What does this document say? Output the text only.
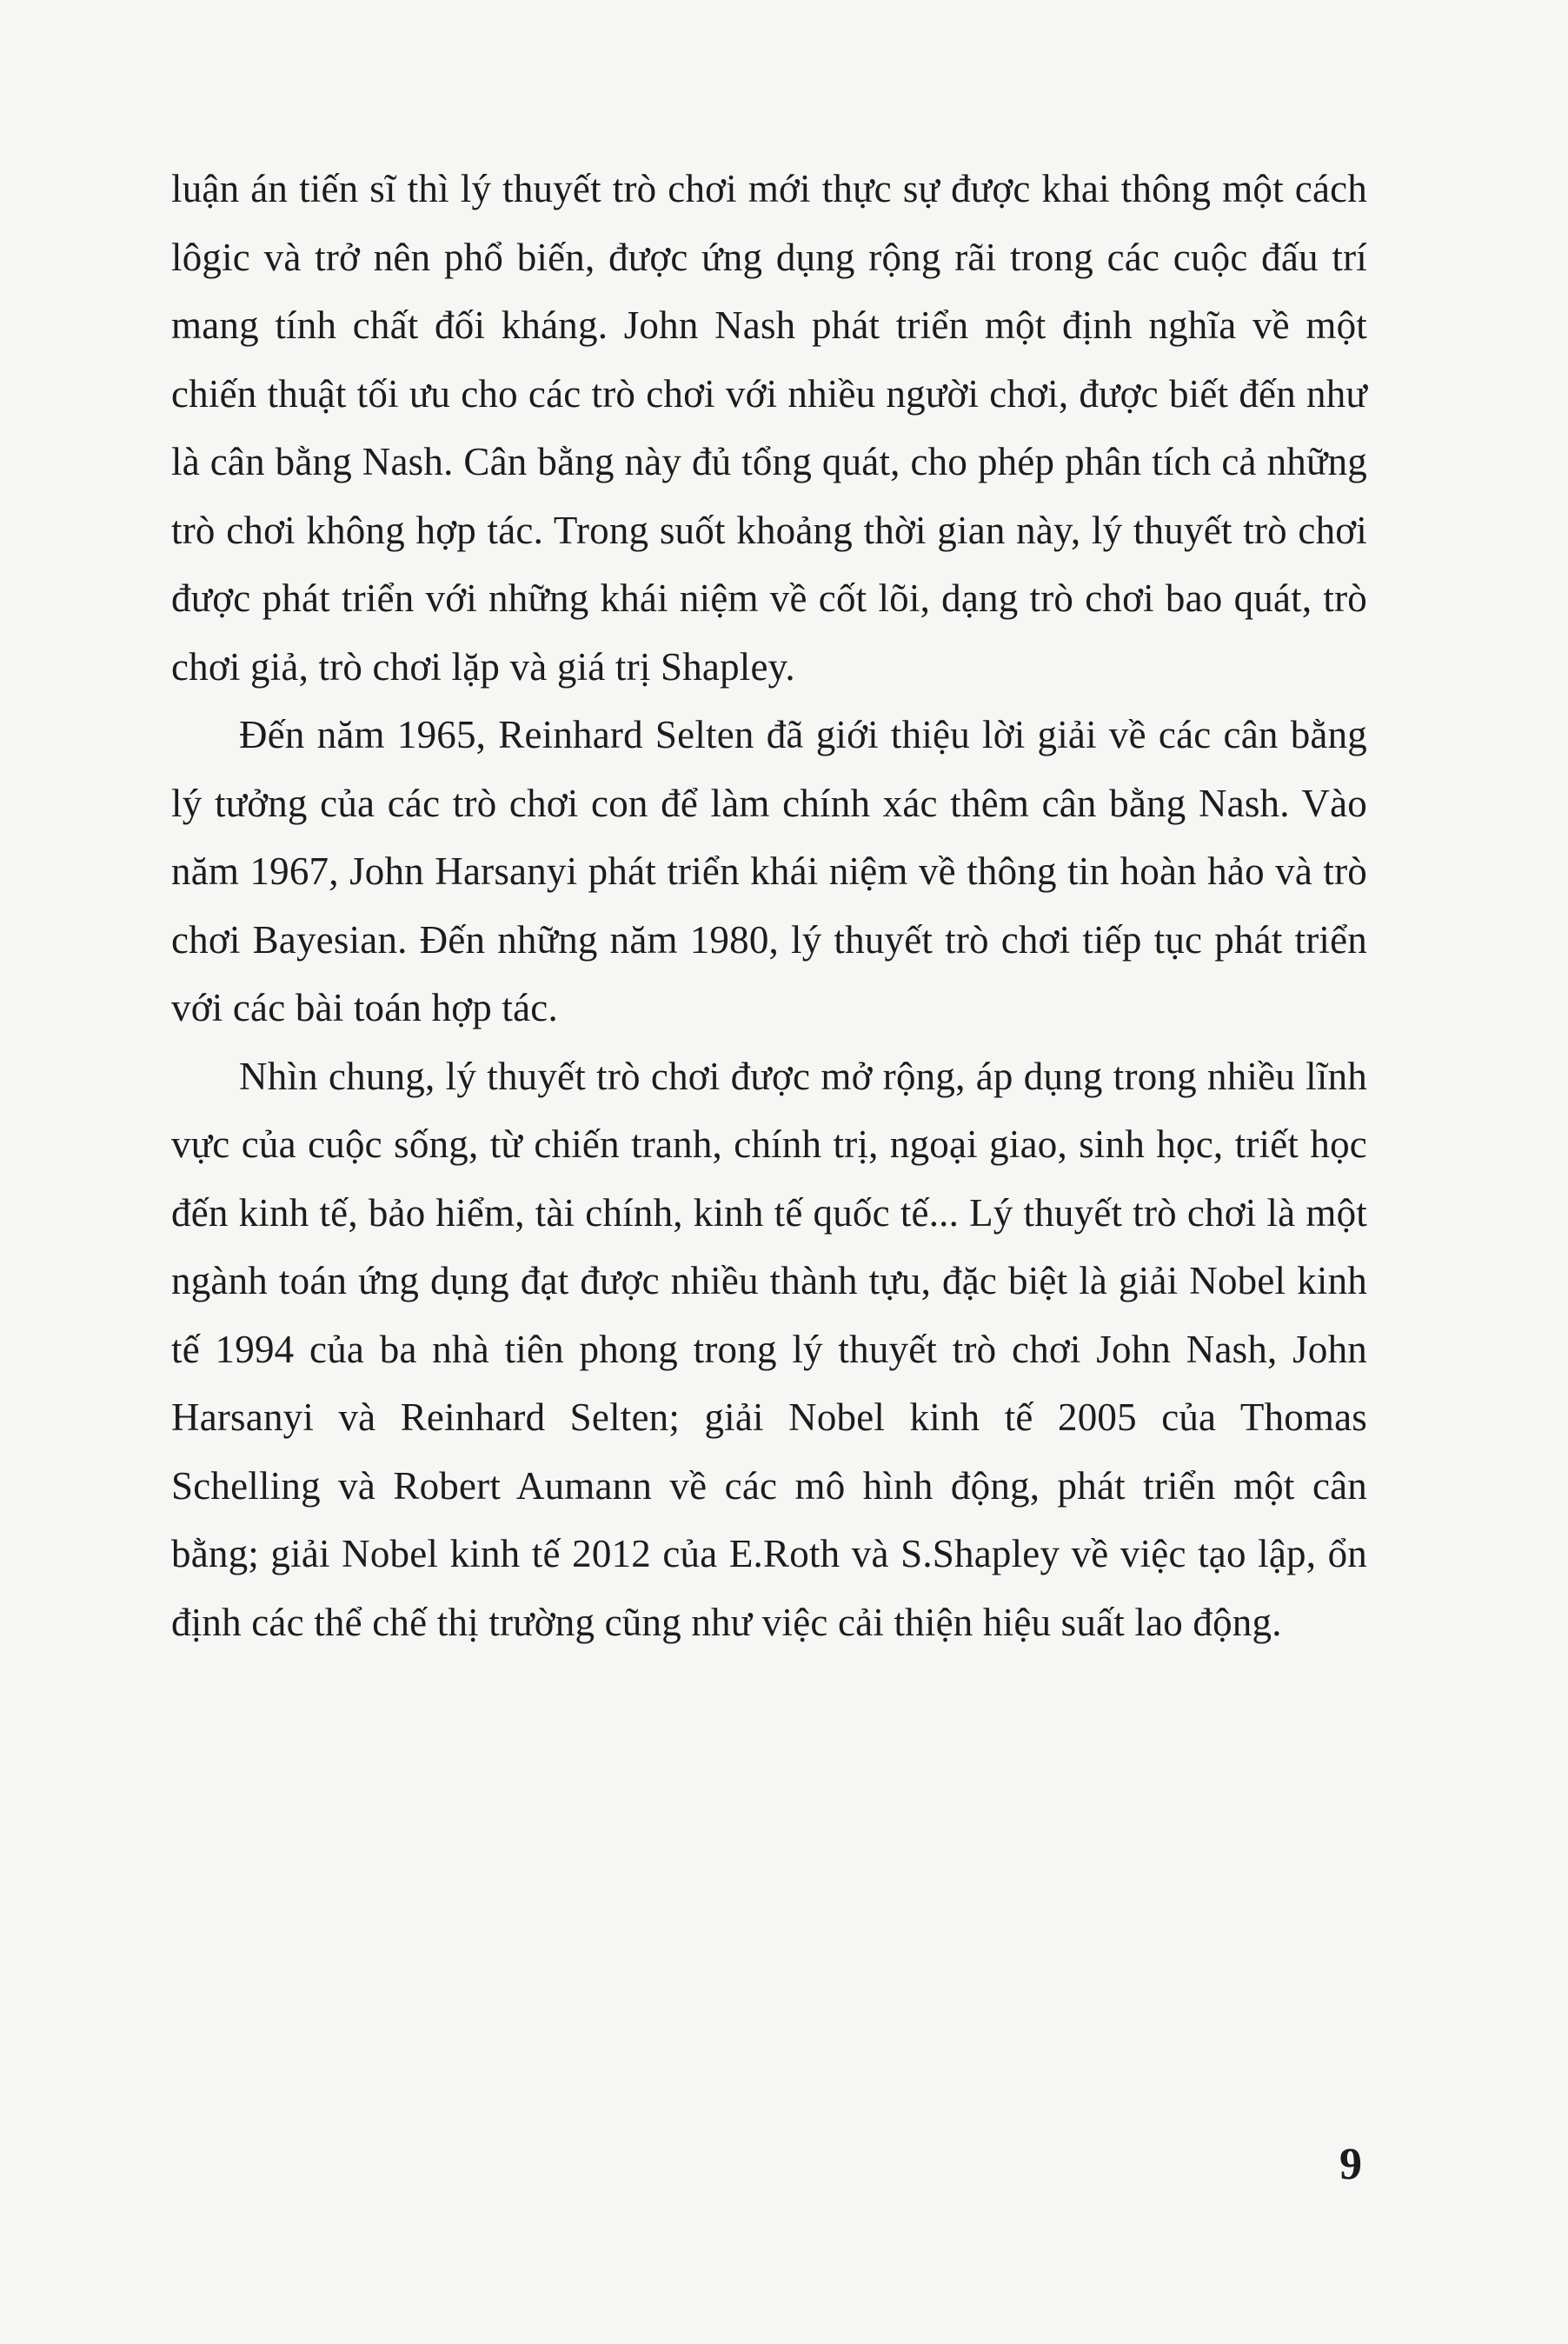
luận án tiến sĩ thì lý thuyết trò chơi mới thực sự được khai thông một cách lôgic và trở nên phổ biến, được ứng dụng rộng rãi trong các cuộc đấu trí mang tính chất đối kháng. John Nash phát triển một định nghĩa về một chiến thuật tối ưu cho các trò chơi với nhiều người chơi, được biết đến như là cân bằng Nash. Cân bằng này đủ tổng quát, cho phép phân tích cả những trò chơi không hợp tác. Trong suốt khoảng thời gian này, lý thuyết trò chơi được phát triển với những khái niệm về cốt lõi, dạng trò chơi bao quát, trò chơi giả, trò chơi lặp và giá trị Shapley.

Đến năm 1965, Reinhard Selten đã giới thiệu lời giải về các cân bằng lý tưởng của các trò chơi con để làm chính xác thêm cân bằng Nash. Vào năm 1967, John Harsanyi phát triển khái niệm về thông tin hoàn hảo và trò chơi Bayesian. Đến những năm 1980, lý thuyết trò chơi tiếp tục phát triển với các bài toán hợp tác.

Nhìn chung, lý thuyết trò chơi được mở rộng, áp dụng trong nhiều lĩnh vực của cuộc sống, từ chiến tranh, chính trị, ngoại giao, sinh học, triết học đến kinh tế, bảo hiểm, tài chính, kinh tế quốc tế... Lý thuyết trò chơi là một ngành toán ứng dụng đạt được nhiều thành tựu, đặc biệt là giải Nobel kinh tế 1994 của ba nhà tiên phong trong lý thuyết trò chơi John Nash, John Harsanyi và Reinhard Selten; giải Nobel kinh tế 2005 của Thomas Schelling và Robert Aumann về các mô hình động, phát triển một cân bằng; giải Nobel kinh tế 2012 của E.Roth và S.Shapley về việc tạo lập, ổn định các thể chế thị trường cũng như việc cải thiện hiệu suất lao động.

9
